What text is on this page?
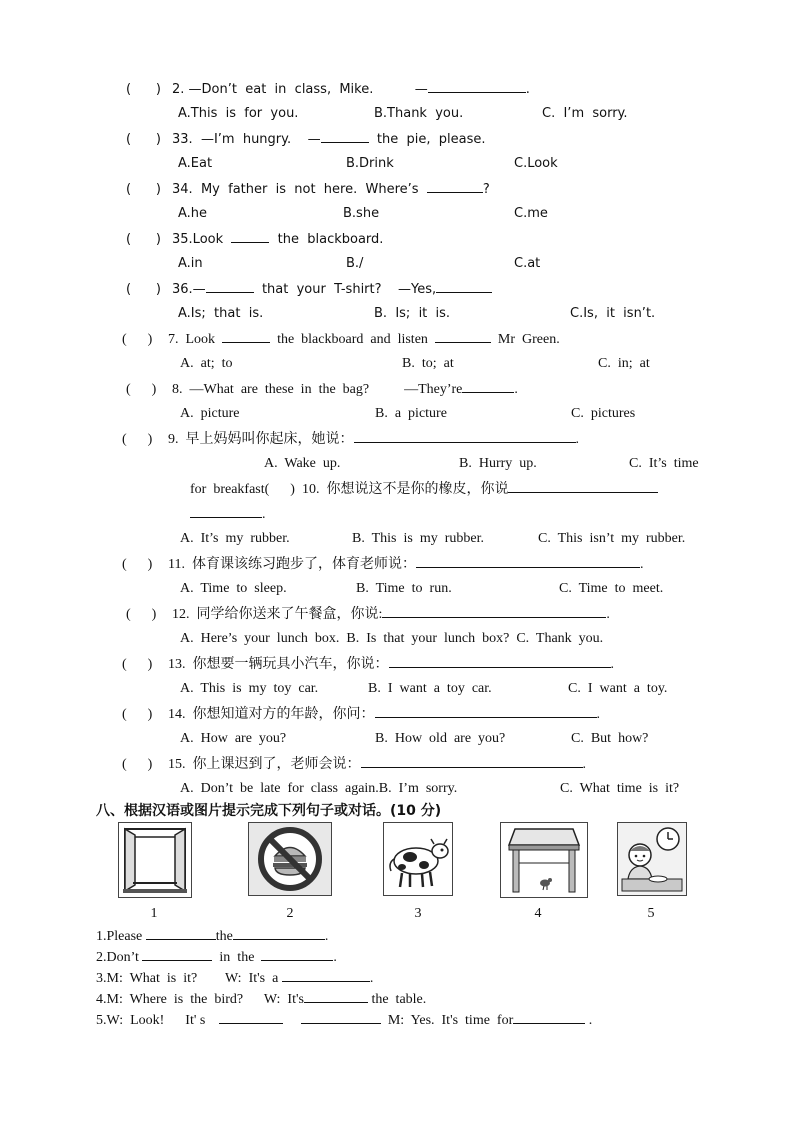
(      ) 2. —Don’t  eat  in  class,  Mike.          —	.
A.This  is  for  you.	B.Thank  you.	C.  I’m  sorry.
(      ) 33.  —I’m  hungry.    —	the  pie,  please.
A.Eat	B.Drink	C.Look
(      ) 34.  My  father  is  not  here.  Where’s	?
A.he	B.she	C.me
(      ) 35.Look	the  blackboard.
A.in	B./	C.at
(      ) 36.—	that  your  T-shirt?    —Yes,
A.Is;  that  is.	B.  Is;  it  is.	C.Is,  it  isn’t.
(      ) 7.  Look	the  blackboard  and  listen	Mr  Green.
A.  at;  to	B.  to;  at	C.  in;  at
(      ) 8.  —What  are  these  in  the  bag?          —They’re	.
A.  picture	B.  a  picture	C.  pictures
(      ) 9.  早上妈妈叫你起床，她说：	.
A.  Wake  up.	B.  Hurry  up.	C.  It’s  time
for  breakfast(      )  10.  你想说这不是你的橡皮，你说
.
A.  It’s  my  rubber.	B.  This  is  my  rubber.	C.  This  isn’t  my  rubber.
(      ) 11.  体育课该练习跑步了，体育老师说：	.
A.  Time  to  sleep.	B.  Time  to  run.	C.  Time  to  meet.
(      ) 12.  同学给你送来了午餐盒，你说:	.
A.  Here’s  your  lunch  box.  B.  Is  that  your  lunch  box?  C.  Thank  you.
(      ) 13.  你想要一辆玩具小汽车，你说：	.
A.  This  is  my  toy  car.	B.  I  want  a  toy  car.	C.  I  want  a  toy.
(      ) 14.  你想知道对方的年龄，你问：	.
A.  How  are  you?	B.  How  old  are  you?	C.  But  how?
(      ) 15.  你上课迟到了，老师会说：	.
A.  Don’t  be  late  for  class  again.B.  I’m  sorry.	C.  What  time  is  it?
八、根据汉语或图片提示完成下列句子或对话。(10 分)
1	2	3	4	5
1.Please	the	.
2.Don’t	in  the	.
3.M:  What  is  it?        W:  It's  a	.
4.M:  Where  is  the  bird?      W:  It's	the  table.
5.W:  Look!      It' s	M:  Yes.  It's  time  for	.
